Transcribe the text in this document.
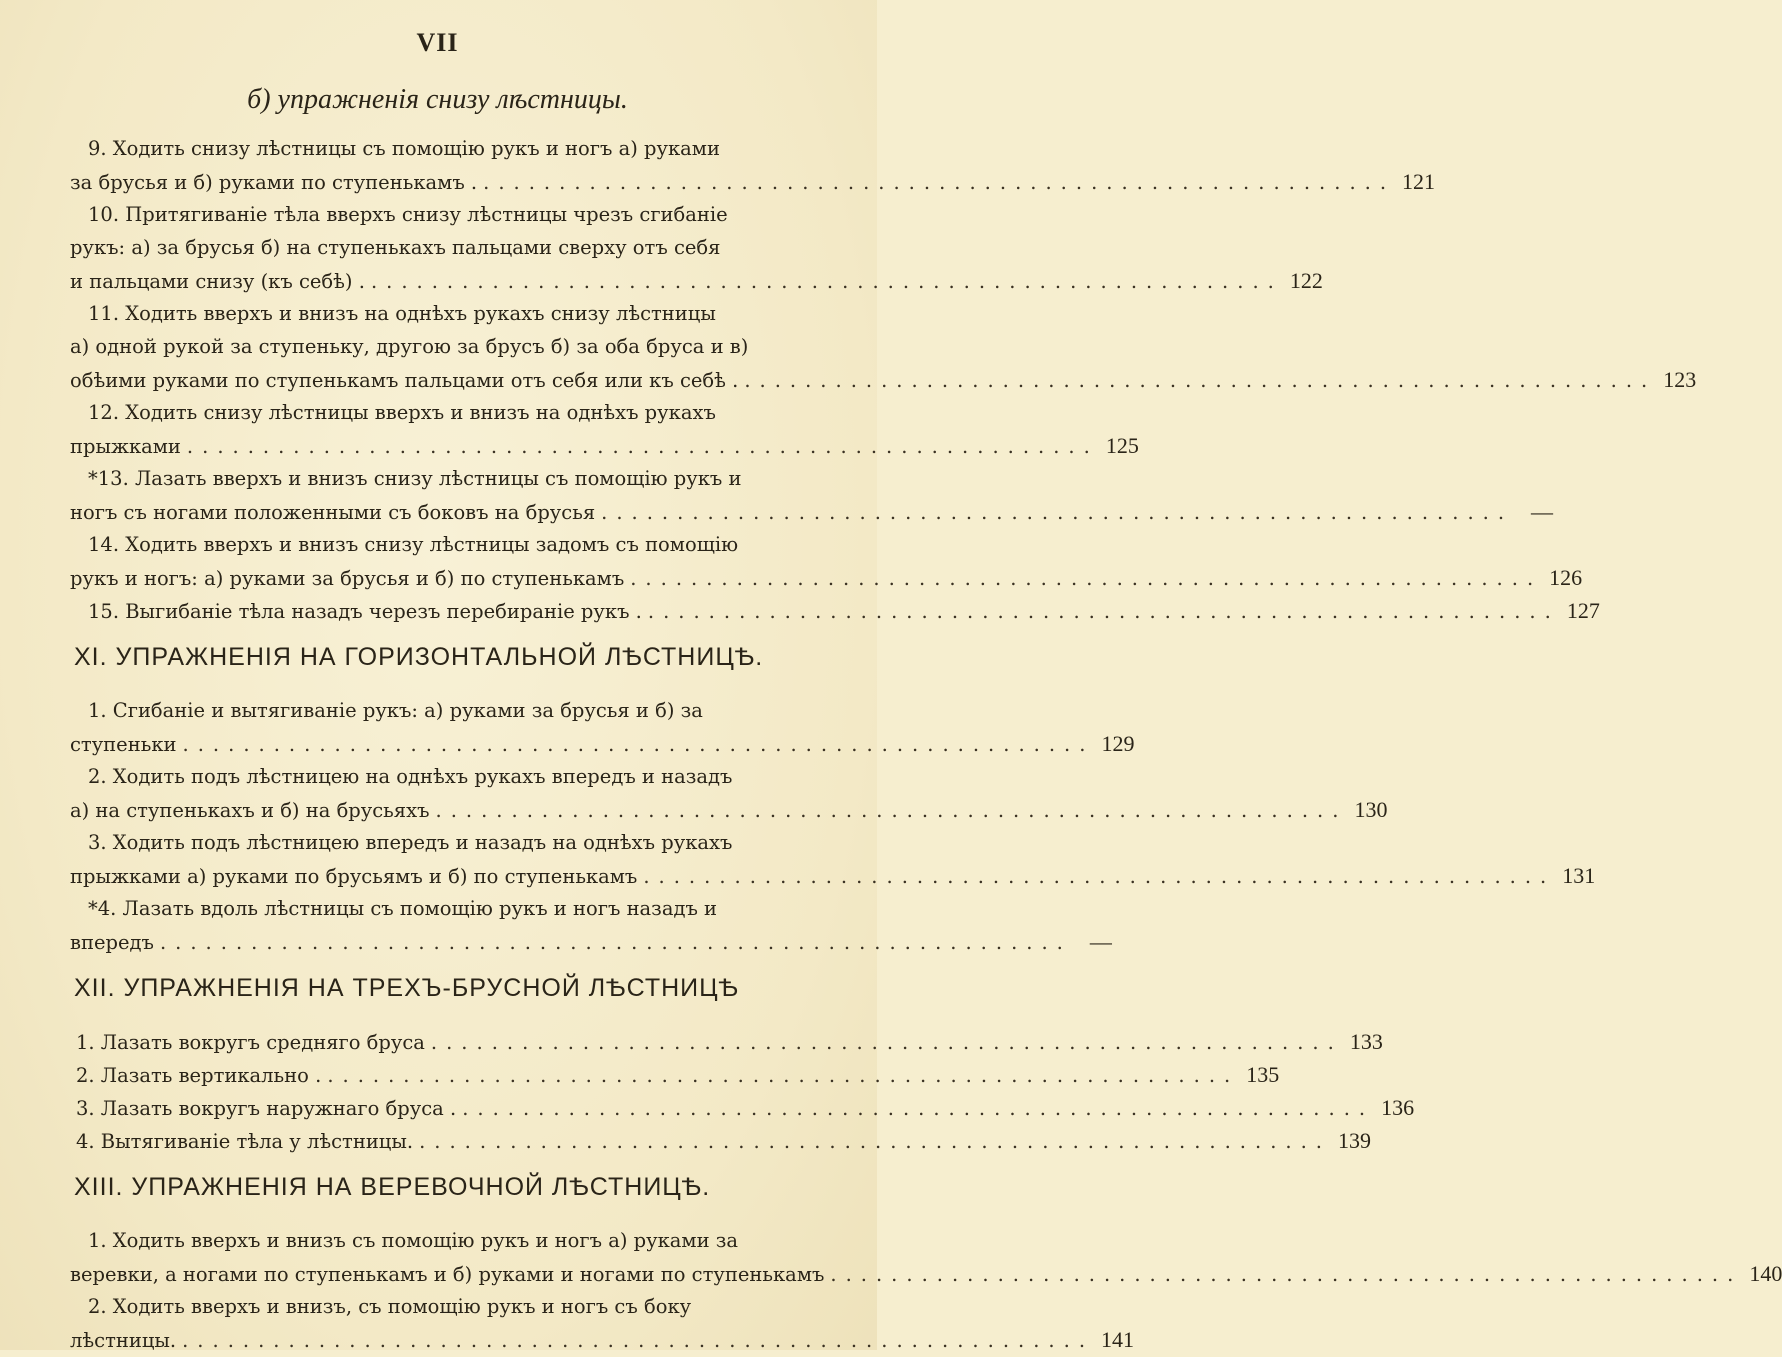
VII
б) упражненія снизу лѣстницы.
9. Ходить снизу лѣстницы съ помощію рукъ и ногъ а) руками
за брусья и б) руками по ступенькамъ . ............................................................ 121
10. Притягиваніе тѣла вверхъ снизу лѣстницы чрезъ сгибаніе
рукъ: а) за брусья б) на ступенькахъ пальцами сверху отъ себя
и пальцами снизу (къ себѣ) . ............................................................ 122
11. Ходить вверхъ и внизъ на однѣхъ рукахъ снизу лѣстницы
а) одной рукой за ступеньку, другою за брусъ б) за оба бруса и в)
обѣими руками по ступенькамъ пальцами отъ себя или къ себѣ . ............................................................ 123
12. Ходить снизу лѣстницы вверхъ и внизъ на однѣхъ рукахъ
прыжками ............................................................ 125
*13. Лазать вверхъ и внизъ снизу лѣстницы съ помощію рукъ и
ногъ съ ногами положенными съ боковъ на брусья ............................................................ —
14. Ходить вверхъ и внизъ снизу лѣстницы задомъ съ помощію
рукъ и ногъ: а) руками за брусья и б) по ступенькамъ ............................................................ 126
15. Выгибаніе тѣла назадъ черезъ перебираніе рукъ . ............................................................ 127
XI. УПРАЖНЕНІЯ НА ГОРИЗОНТАЛЬНОЙ ЛѢСТНИЦѢ.
1. Сгибаніе и вытягиваніе рукъ: а) руками за брусья и б) за
ступеньки ............................................................ 129
2. Ходить подъ лѣстницею на однѣхъ рукахъ впередъ и назадъ
а) на ступенькахъ и б) на брусьяхъ ............................................................ 130
3. Ходить подъ лѣстницею впередъ и назадъ на однѣхъ рукахъ
прыжками а) руками по брусьямъ и б) по ступенькамъ ............................................................ 131
*4. Лазать вдоль лѣстницы съ помощію рукъ и ногъ назадъ и
впередъ ............................................................ —
XII. УПРАЖНЕНІЯ НА ТРЕХЪ-БРУСНОЙ ЛѢСТНИЦѢ
1. Лазать вокругъ средняго бруса ............................................................ 133
2. Лазать вертикально . ............................................................ 135
3. Лазать вокругъ наружнаго бруса . ............................................................ 136
4. Вытягиваніе тѣла у лѣстницы. ............................................................ 139
XIII. УПРАЖНЕНІЯ НА ВЕРЕВОЧНОЙ ЛѢСТНИЦѢ.
1. Ходить вверхъ и внизъ съ помощію рукъ и ногъ а) руками за
веревки, а ногами по ступенькамъ и б) руками и ногами по ступенькамъ ............................................................ 140
2. Ходить вверхъ и внизъ, съ помощію рукъ и ногъ съ боку
лѣстницы. ............................................................ 141
